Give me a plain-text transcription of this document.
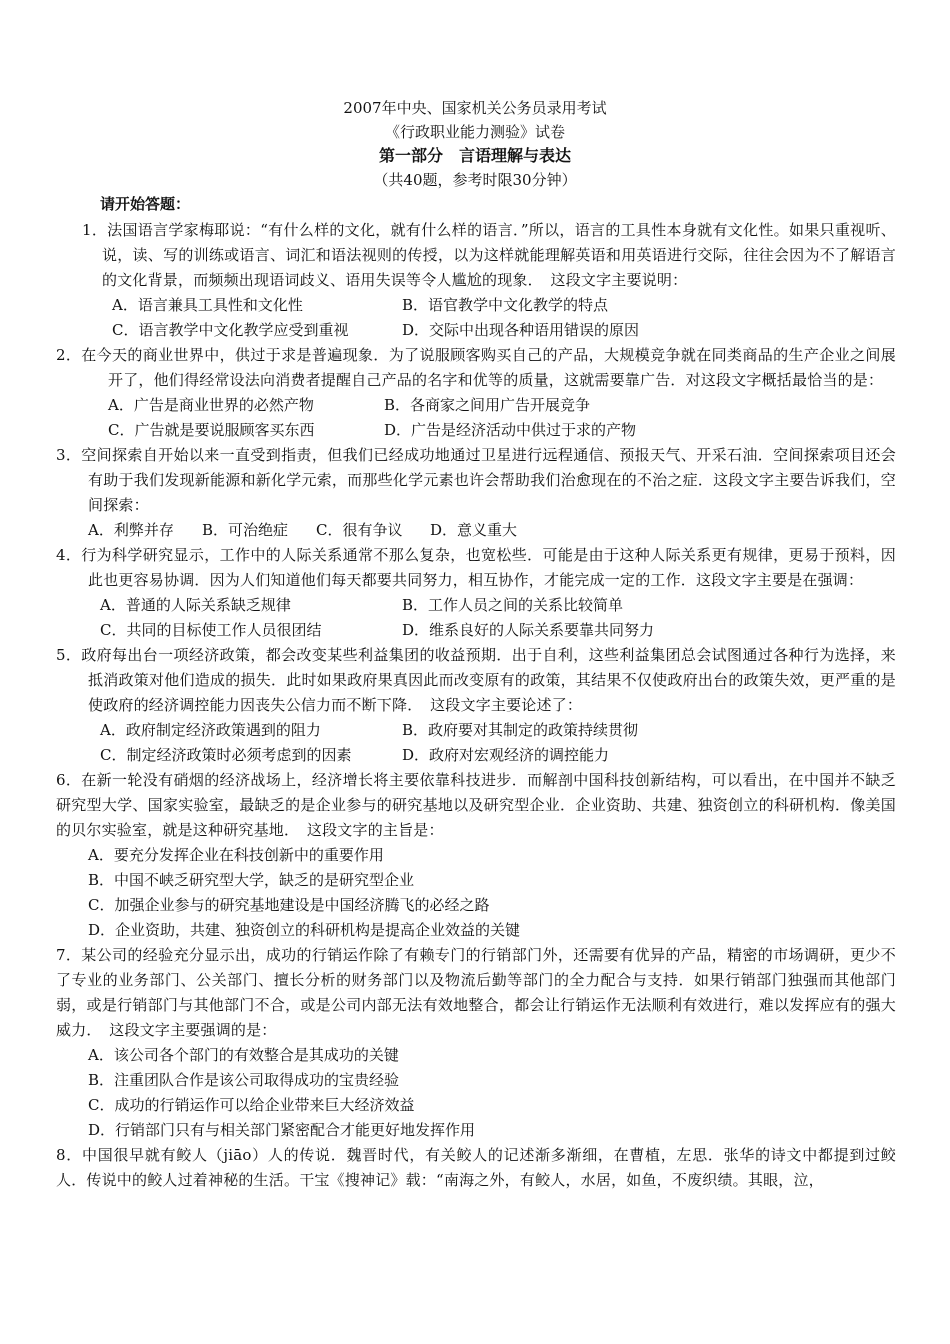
2007年中央、国家机关公务员录用考试
《行政职业能力测验》试卷
第一部分　言语理解与表达
（共40题，参考时限30分钟）
请开始答题：

1．法国语言学家梅耶说：“有什么样的文化，就有什么样的语言．”所以，语言的工具性本身就有文化性。如果只重视听、说，读、写的训练或语言、词汇和语法视则的传授，以为这样就能理解英语和用英语进行交际，往往会因为不了解语言的文化背景，而频频出现语词歧义、语用失误等令人尴尬的现象．　这段文字主要说明：

A．语言兼具工具性和文化性	B．语官教学中文化教学的特点
C．语言教学中文化教学应受到重视	D．交际中出现各种语用错误的原因

2．在今天的商业世界中，供过于求是普遍现象．为了说服顾客购买自己的产品，大规模竞争就在同类商品的生产企业之间展开了，他们得经常设法向消费者提醒自己产品的名字和优等的质量，这就需要靠广告．对这段文字概括最恰当的是：

A．广告是商业世界的必然产物	B．各商家之间用广告开展竞争
C．广告就是要说服顾客买东西	D．广告是经济活动中供过于求的产物

3．空间探索自开始以来一直受到指责，但我们已经成功地通过卫星进行远程通信、预报天气、开采石油．空间探索项目还会有助于我们发现新能源和新化学元索，而那些化学元素也许会帮助我们治愈现在的不治之症．这段文字主要告诉我们，空间探索：

A．利弊并存 B．可治绝症 C．很有争议 D．意义重大

4．行为科学研究显示，工作中的人际关系通常不那么复杂，也宽松些．可能是由于这种人际关系更有规律，更易于预料，因此也更容易协调．因为人们知道他们每天都要共同努力，相互协作，才能完成一定的工作．这段文字主要是在强调：

A．普通的人际关系缺乏规律	B．工作人员之间的关系比较简单
C．共同的目标使工作人员很团结	D．维系良好的人际关系要靠共同努力

5．政府每出台一项经济政策，都会改变某些利益集团的收益预期．出于自利，这些利益集团总会试图通过各种行为选择，来抵消政策对他们造成的损失．此时如果政府果真因此而改变原有的政策，其结果不仅使政府出台的政策失效，更严重的是使政府的经济调控能力因丧失公信力而不断下降．　这段文字主要论述了：

A．政府制定经济政策遇到的阻力	B．政府要对其制定的政策持续贯彻
C．制定经济政策时必须考虑到的因素	D．政府对宏观经济的调控能力

6．在新一轮没有硝烟的经济战场上，经济增长将主要依靠科技进步．而解剖中国科技创新结构，可以看出，在中国并不缺乏研究型大学、国家实验室，最缺乏的是企业参与的研究基地以及研究型企业．企业资助、共建、独资创立的科研机构．像美国的贝尔实验室，就是这种研究基地．　这段文字的主旨是：

A．要充分发挥企业在科技创新中的重要作用
B．中国不峡乏研究型大学，缺乏的是研究型企业
C．加强企业参与的研究基地建设是中国经济腾飞的必经之路
D．企业资助，共建、独资创立的科研机构是提高企业效益的关键

7．某公司的经验充分显示出，成功的行销运作除了有赖专门的行销部门外，还需要有优异的产品，精密的市场调研，更少不了专业的业务部门、公关部门、擅长分析的财务部门以及物流后勤等部门的全力配合与支持．如果行销部门独强而其他部门弱，或是行销部门与其他部门不合，或是公司内部无法有效地整合，都会让行销运作无法顺利有效进行，难以发挥应有的强大威力．　这段文字主要强调的是：

A．该公司各个部门的有效整合是其成功的关键
B．注重团队合作是该公司取得成功的宝贵经验
C．成功的行销运作可以给企业带来巨大经济效益
D．行销部门只有与相关部门紧密配合才能更好地发挥作用

8．中国很早就有鲛人（jiāo）人的传说．魏晋时代，有关鲛人的记述渐多渐细，在曹植，左思．张华的诗文中都提到过鲛人．传说中的鲛人过着神秘的生活。干宝《搜神记》载：“南海之外，有鲛人，水居，如鱼，不废织绩。其眼，泣，
